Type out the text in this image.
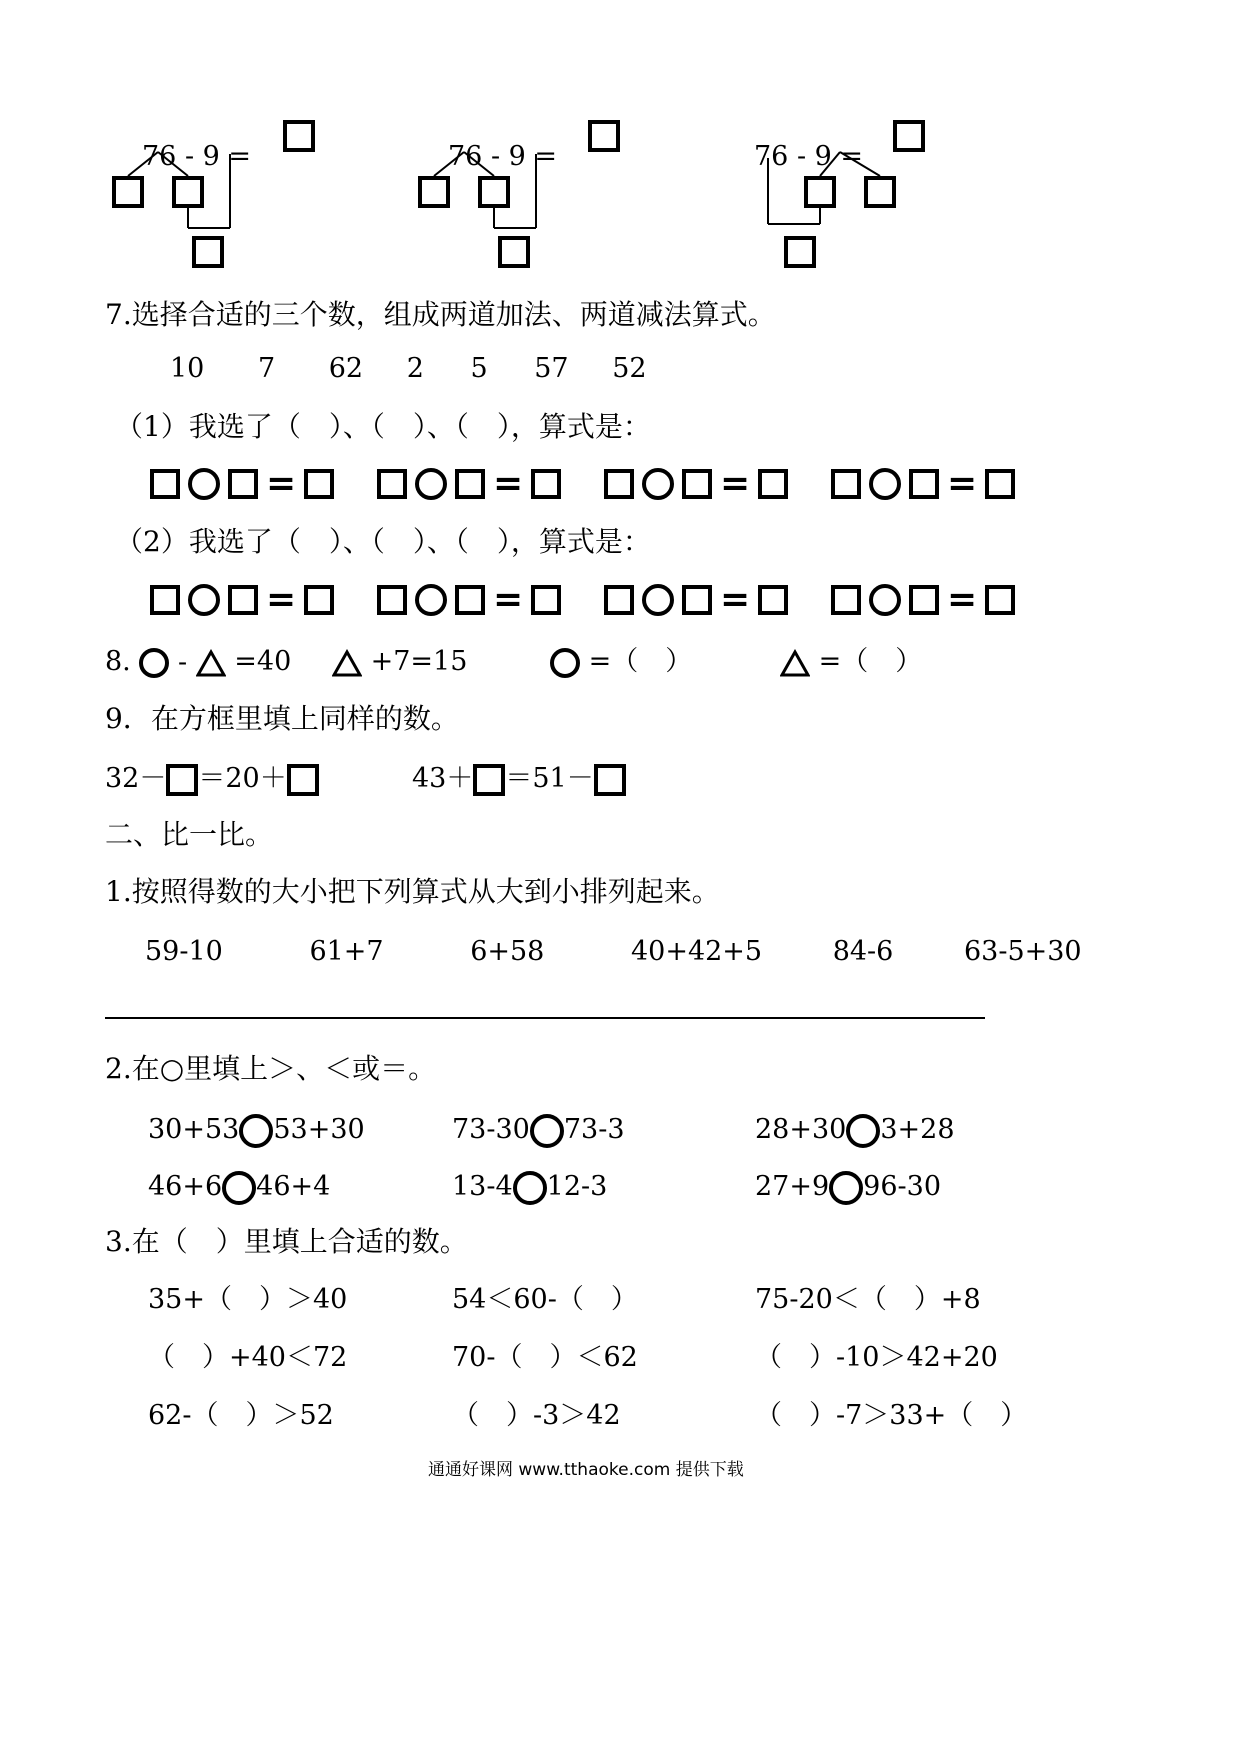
76 - 9 =	76 - 9 =	76 - 9 =
7.选择合适的三个数，组成两道加法、两道减法算式。
10 7 62 2 5 57 52
（1）我选了（　）、（　）、（　），算式是：
=	=	=	=
（2）我选了（　）、（　）、（　），算式是：
=	=	=	=
8. - =40	+7=15	=（　）	=（　）
9．在方框里填上同样的数。
32－ ＝20＋	43＋ ＝51－
二、比一比。
1.按照得数的大小把下列算式从大到小排列起来。
59-10	61+7	6+58	40+42+5	84-6	63-5+30
2.在○里填上＞、＜或＝。
30+53 53+30	73-30 73-3	28+30 3+28
46+6 46+4	13-4 12-3	27+9 96-30
3.在（　）里填上合适的数。
35+（　）＞40	54＜60-（　）	75-20＜（　）+8
（　）+40＜72	70-（　）＜62	（　）-10＞42+20
62-（　）＞52	（　）-3＞42	（　）-7＞33+（　）
通通好课网 www.tthaoke.com 提供下载
